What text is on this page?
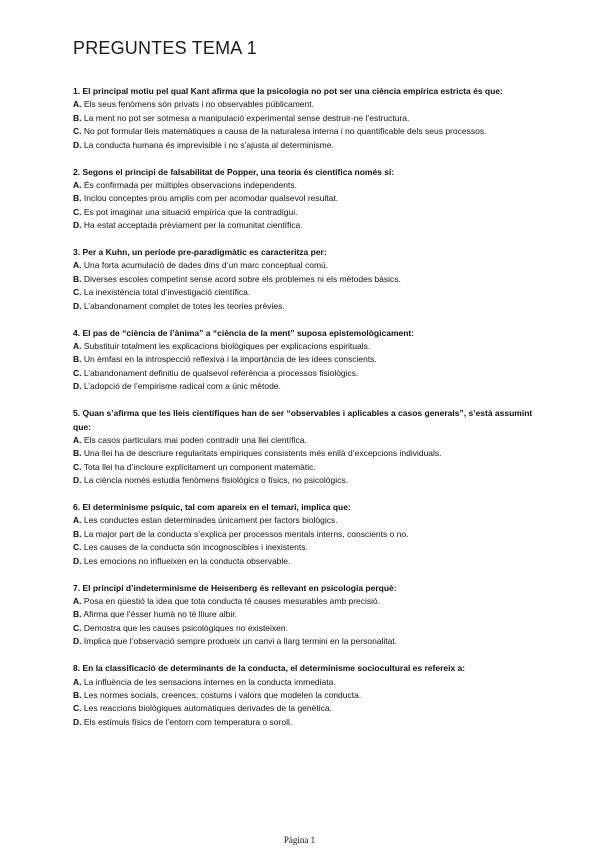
PREGUNTES TEMA 1
1. El principal motiu pel qual Kant afirma que la psicologia no pot ser una ciència empírica estricta és que:
A. Els seus fenòmens són privats i no observables públicament.
B. La ment no pot ser sotmesa a manipulació experimental sense destruir-ne l’estructura.
C. No pot formular lleis matemàtiques a causa de la naturalesa interna i no quantificable dels seus processos.
D. La conducta humana és imprevisible i no s’ajusta al determinisme.
2. Segons el principi de falsabilitat de Popper, una teoria és científica només si:
A. És confirmada per múltiples observacions independents.
B. Inclou conceptes prou amplis com per acomodar qualsevol resultat.
C. Es pot imaginar una situació empírica que la contradigui.
D. Ha estat acceptada prèviament per la comunitat científica.
3. Per a Kuhn, un període pre-paradigmàtic es caracteritza per:
A. Una forta acumulació de dades dins d’un marc conceptual comú.
B. Diverses escoles competint sense acord sobre els problemes ni els mètodes bàsics.
C. La inexistència total d’investigació científica.
D. L’abandonament complet de totes les teories prèvies.
4. El pas de “ciència de l’ànima” a “ciència de la ment” suposa epistemològicament:
A. Substituir totalment les explicacions biològiques per explicacions espirituals.
B. Un èmfasi en la introspecció reflexiva i la importància de les idees conscients.
C. L’abandonament definitiu de qualsevol referència a processos fisiològics.
D. L’adopció de l’empirisme radical com a únic mètode.
5. Quan s’afirma que les lleis científiques han de ser “observables i aplicables a casos generals”, s’està assumint que:
A. Els casos particulars mai poden contradir una llei científica.
B. Una llei ha de descriure regularitats empíriques consistents més enllà d’excepcions individuals.
C. Tota llei ha d’incloure explícitament un component matemàtic.
D. La ciència només estudia fenòmens fisiològics o físics, no psicològics.
6. El determinisme psíquic, tal com apareix en el temari, implica que:
A. Les conductes estan determinades únicament per factors biològics.
B. La major part de la conducta s’explica per processos mentals interns, conscients o no.
C. Les causes de la conducta són incognoscibles i inexistents.
D. Les emocions no influeixen en la conducta observable.
7. El principi d’indeterminisme de Heisenberg és rellevant en psicologia perquè:
A. Posa en qüestió la idea que tota conducta té causes mesurables amb precisió.
B. Afirma que l’ésser humà no té lliure albir.
C. Demostra que les causes psicològiques no existeixen.
D. Implica que l’observació sempre produeix un canvi a llarg termini en la personalitat.
8. En la classificació de determinants de la conducta, el determinisme sociocultural es refereix a:
A. La influència de les sensacions internes en la conducta immediata.
B. Les normes socials, creences, costums i valors que modelen la conducta.
C. Les reaccions biològiques automàtiques derivades de la genètica.
D. Els estímuls físics de l’entorn com temperatura o soroll.
Pàgina 1
